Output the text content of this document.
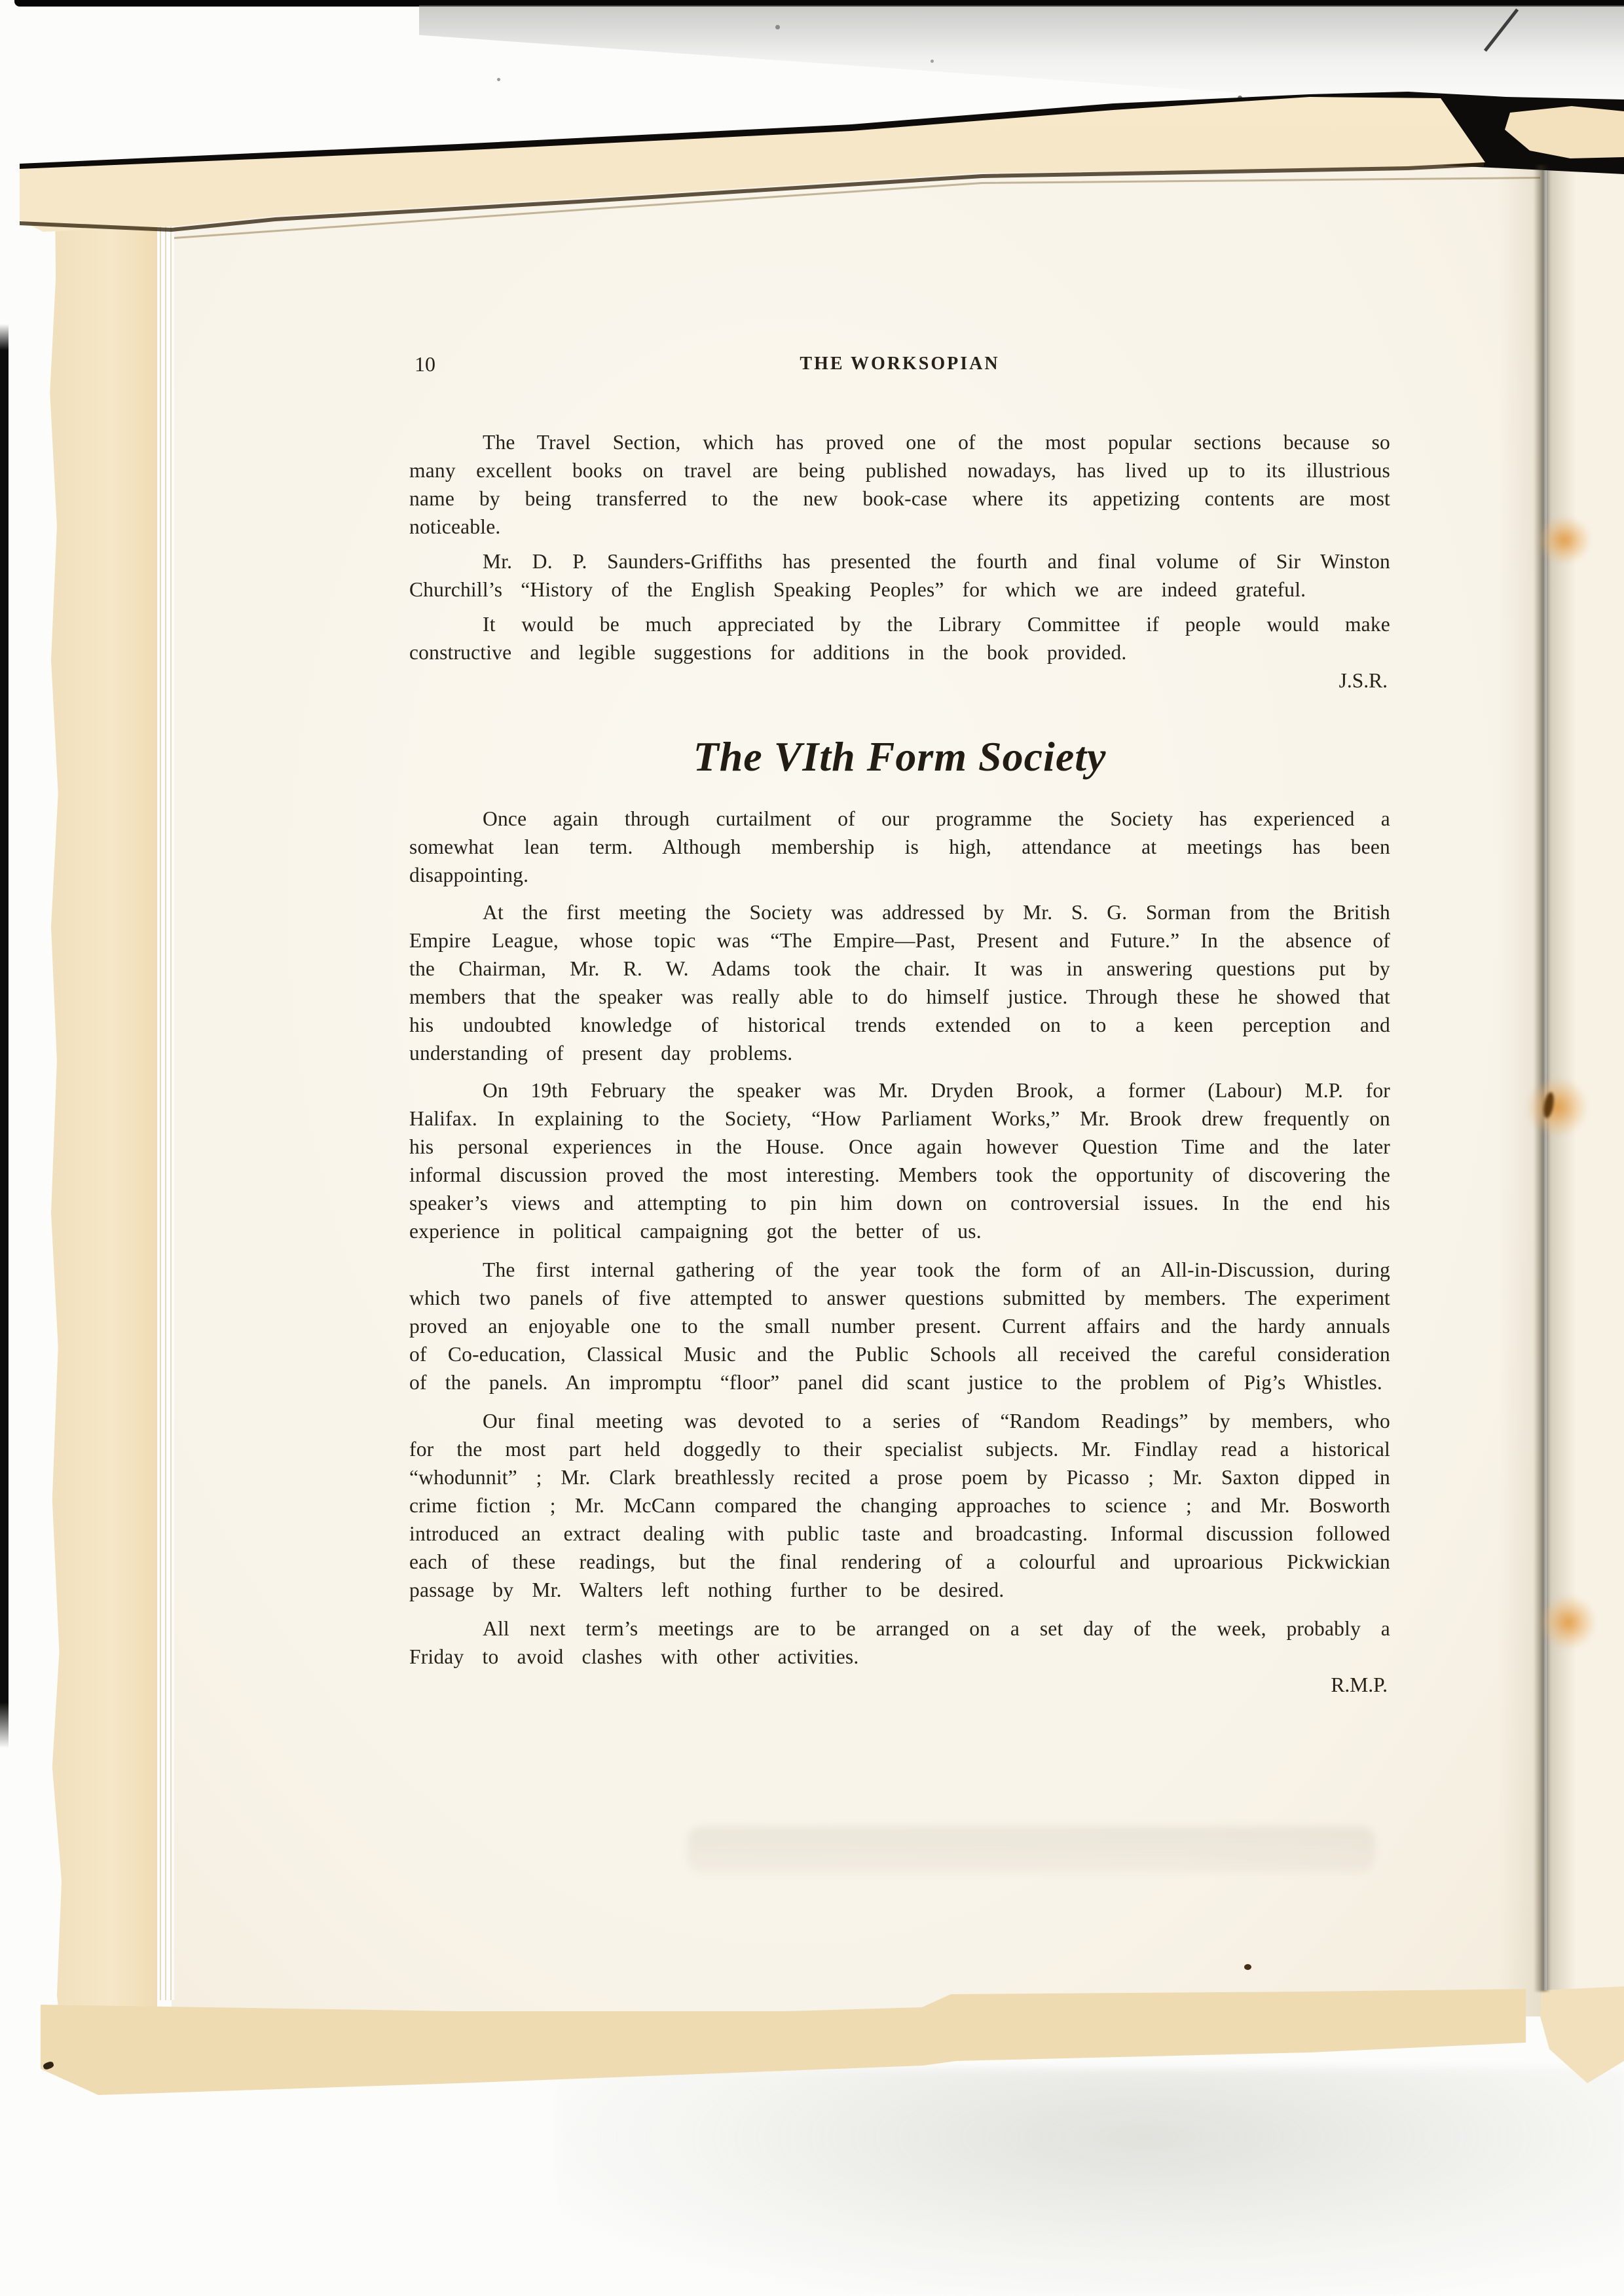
10	THE WORKSOPIAN

The Travel Section, which has proved one of the most popular sections because so many excellent books on travel are being published nowadays, has lived up to its illustrious name by being transferred to the new book-case where its appetizing contents are most noticeable.

Mr. D. P. Saunders-Griffiths has presented the fourth and final volume of Sir Winston Churchill’s “History of the English Speaking Peoples” for which we are indeed grateful.

It would be much appreciated by the Library Committee if people would make constructive and legible suggestions for additions in the book provided.

J.S.R.

The VIth Form Society

Once again through curtailment of our programme the Society has experienced a somewhat lean term. Although membership is high, attendance at meetings has been disappointing.

At the first meeting the Society was addressed by Mr. S. G. Sorman from the British Empire League, whose topic was “The Empire—Past, Present and Future.” In the absence of the Chairman, Mr. R. W. Adams took the chair. It was in answering questions put by members that the speaker was really able to do himself justice. Through these he showed that his undoubted knowledge of historical trends extended on to a keen perception and understanding of present day problems.

On 19th February the speaker was Mr. Dryden Brook, a former (Labour) M.P. for Halifax. In explaining to the Society, “How Parliament Works,” Mr. Brook drew frequently on his personal experiences in the House. Once again however Question Time and the later informal discussion proved the most interesting. Members took the opportunity of discovering the speaker’s views and attempting to pin him down on controversial issues. In the end his experience in political campaigning got the better of us.

The first internal gathering of the year took the form of an All-in-Discussion, during which two panels of five attempted to answer questions submitted by members. The experiment proved an enjoyable one to the small number present. Current affairs and the hardy annuals of Co-education, Classical Music and the Public Schools all received the careful consideration of the panels. An impromptu “floor” panel did scant justice to the problem of Pig’s Whistles.

Our final meeting was devoted to a series of “Random Readings” by members, who for the most part held doggedly to their specialist subjects. Mr. Findlay read a historical “whodunnit” ; Mr. Clark breathlessly recited a prose poem by Picasso ; Mr. Saxton dipped in crime fiction ; Mr. McCann compared the changing approaches to science ; and Mr. Bosworth introduced an extract dealing with public taste and broadcasting. Informal discussion followed each of these readings, but the final rendering of a colourful and uproarious Pickwickian passage by Mr. Walters left nothing further to be desired.

All next term’s meetings are to be arranged on a set day of the week, probably a Friday to avoid clashes with other activities.

R.M.P.
